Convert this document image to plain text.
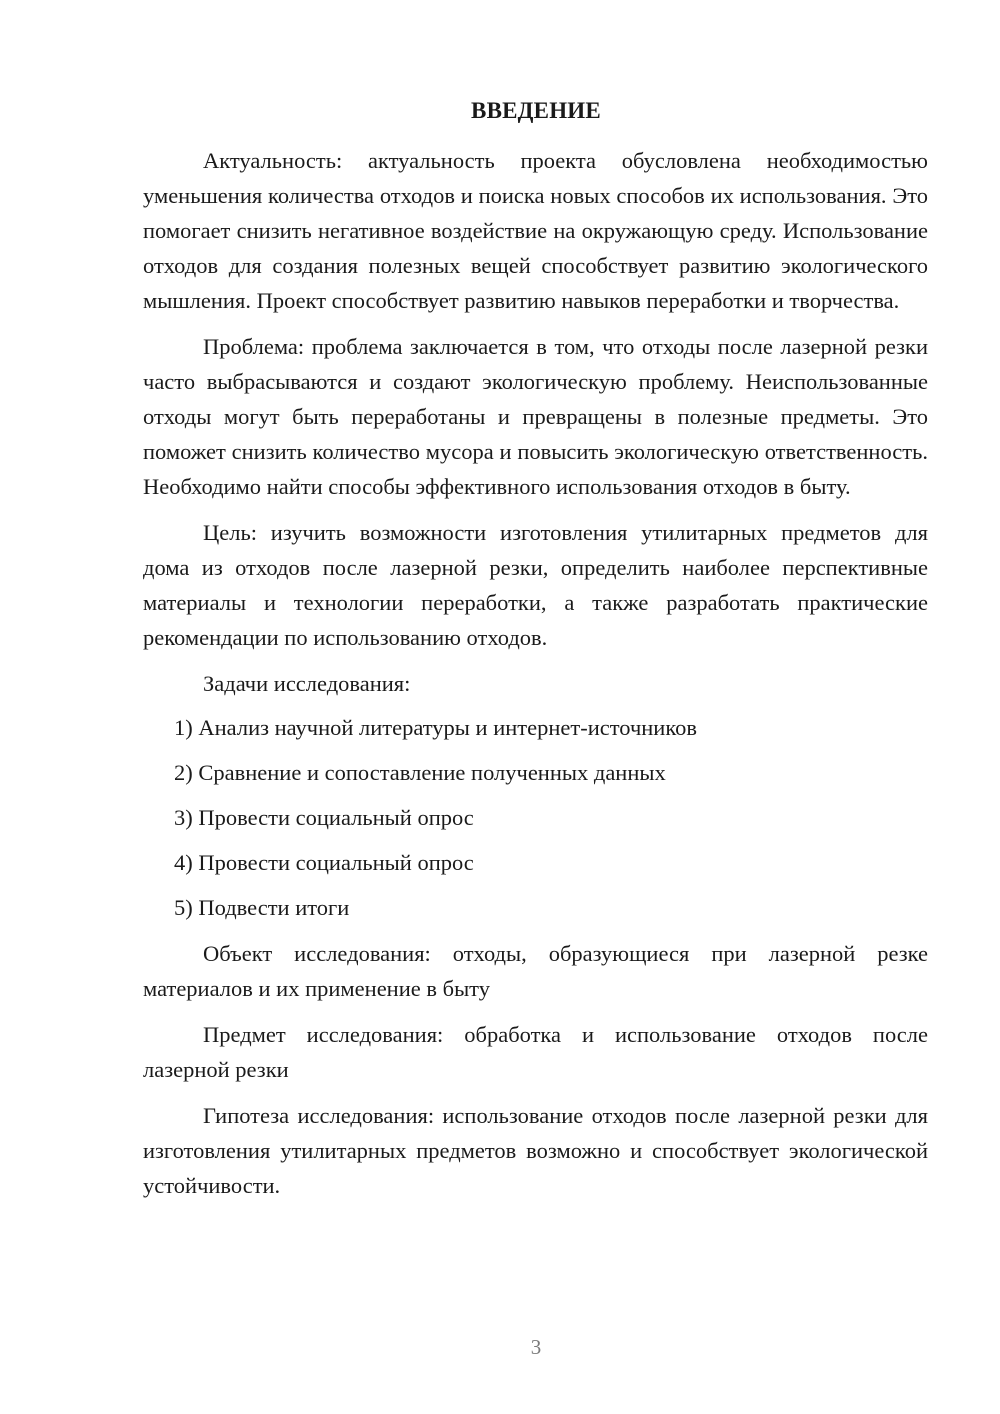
ВВЕДЕНИЕ

Актуальность: актуальность проекта обусловлена необходимостью уменьшения количества отходов и поиска новых способов их использования. Это помогает снизить негативное воздействие на окружающую среду. Использование отходов для создания полезных вещей способствует развитию экологического мышления. Проект способствует развитию навыков переработки и творчества.

Проблема: проблема заключается в том, что отходы после лазерной резки часто выбрасываются и создают экологическую проблему. Неиспользованные отходы могут быть переработаны и превращены в полезные предметы. Это поможет снизить количество мусора и повысить экологическую ответственность. Необходимо найти способы эффективного использования отходов в быту.

Цель: изучить возможности изготовления утилитарных предметов для дома из отходов после лазерной резки, определить наиболее перспективные материалы и технологии переработки, а также разработать практические рекомендации по использованию отходов.

Задачи исследования:

1) Анализ научной литературы и интернет-источников
2) Сравнение и сопоставление полученных данных
3) Провести социальный опрос
4) Провести социальный опрос
5) Подвести итоги

Объект исследования: отходы, образующиеся при лазерной резке материалов и их применение в быту

Предмет исследования: обработка и использование отходов после лазерной резки

Гипотеза исследования: использование отходов после лазерной резки для изготовления утилитарных предметов возможно и способствует экологической устойчивости.

3
